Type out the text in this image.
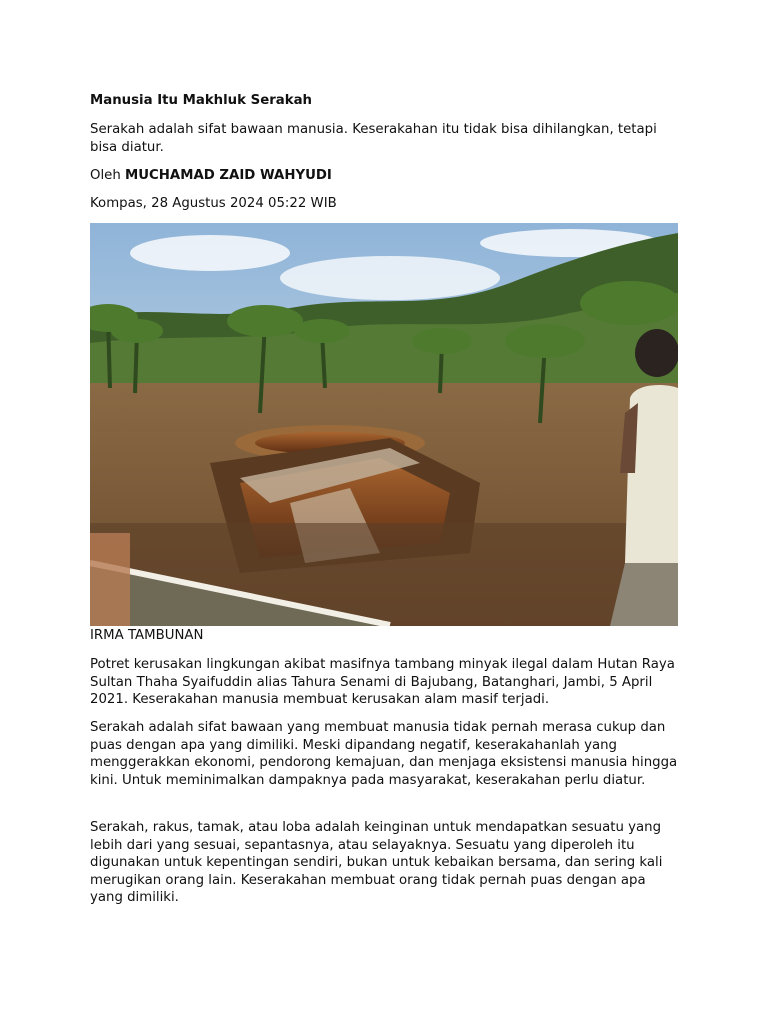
Manusia Itu Makhluk Serakah

Serakah adalah sifat bawaan manusia. Keserakahan itu tidak bisa dihilangkan, tetapi bisa diatur.

Oleh MUCHAMAD ZAID WAHYUDI
Kompas, 28 Agustus 2024 05:22 WIB
IRMA TAMBUNAN

Potret kerusakan lingkungan akibat masifnya tambang minyak ilegal dalam Hutan Raya Sultan Thaha Syaifuddin alias Tahura Senami di Bajubang, Batanghari, Jambi, 5 April 2021. Keserakahan manusia membuat kerusakan alam masif terjadi.

Serakah adalah sifat bawaan yang membuat manusia tidak pernah merasa cukup dan puas dengan apa yang dimiliki. Meski dipandang negatif, keserakahanlah yang menggerakkan ekonomi, pendorong kemajuan, dan menjaga eksistensi manusia hingga kini. Untuk meminimalkan dampaknya pada masyarakat, keserakahan perlu diatur.

Serakah, rakus, tamak, atau loba adalah keinginan untuk mendapatkan sesuatu yang lebih dari yang sesuai, sepantasnya, atau selayaknya. Sesuatu yang diperoleh itu digunakan untuk kepentingan sendiri, bukan untuk kebaikan bersama, dan sering kali merugikan orang lain. Keserakahan membuat orang tidak pernah puas dengan apa yang dimiliki.
